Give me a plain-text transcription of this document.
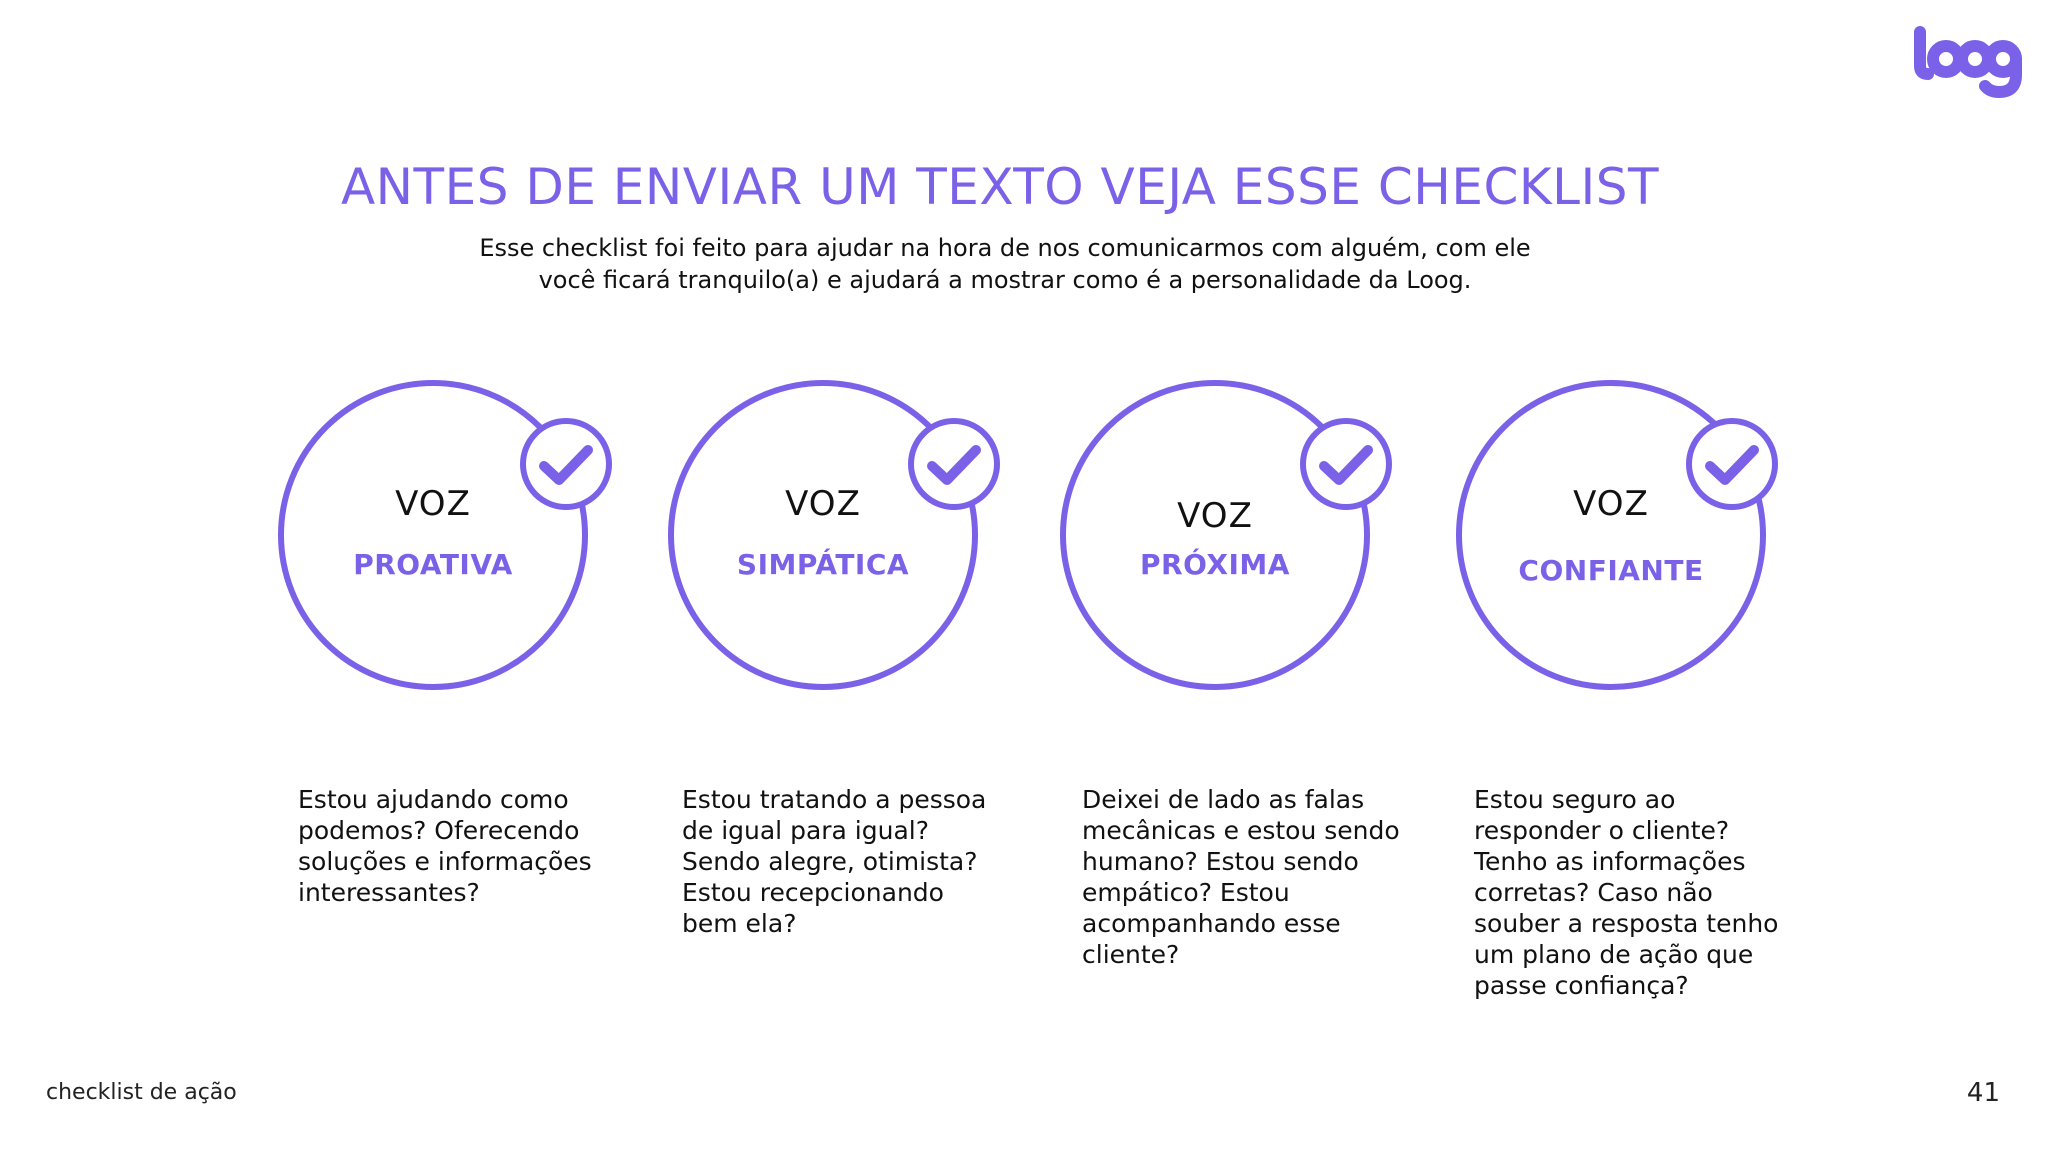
ANTES DE ENVIAR UM TEXTO VEJA ESSE CHECKLIST
Esse checklist foi feito para ajudar na hora de nos comunicarmos com alguém, com ele
você ficará tranquilo(a) e ajudará a mostrar como é a personalidade da Loog.
VOZ
PROATIVA
VOZ
SIMPÁTICA
VOZ
PRÓXIMA
VOZ
CONFIANTE
Estou ajudando como
podemos? Oferecendo
soluções e informações
interessantes?
Estou tratando a pessoa
de igual para igual?
Sendo alegre, otimista?
Estou recepcionando
bem ela?
Deixei de lado as falas
mecânicas e estou sendo
humano? Estou sendo
empático? Estou
acompanhando esse
cliente?
Estou seguro ao
responder o cliente?
Tenho as informações
corretas? Caso não
souber a resposta tenho
um plano de ação que
passe confiança?
checklist de ação	41
